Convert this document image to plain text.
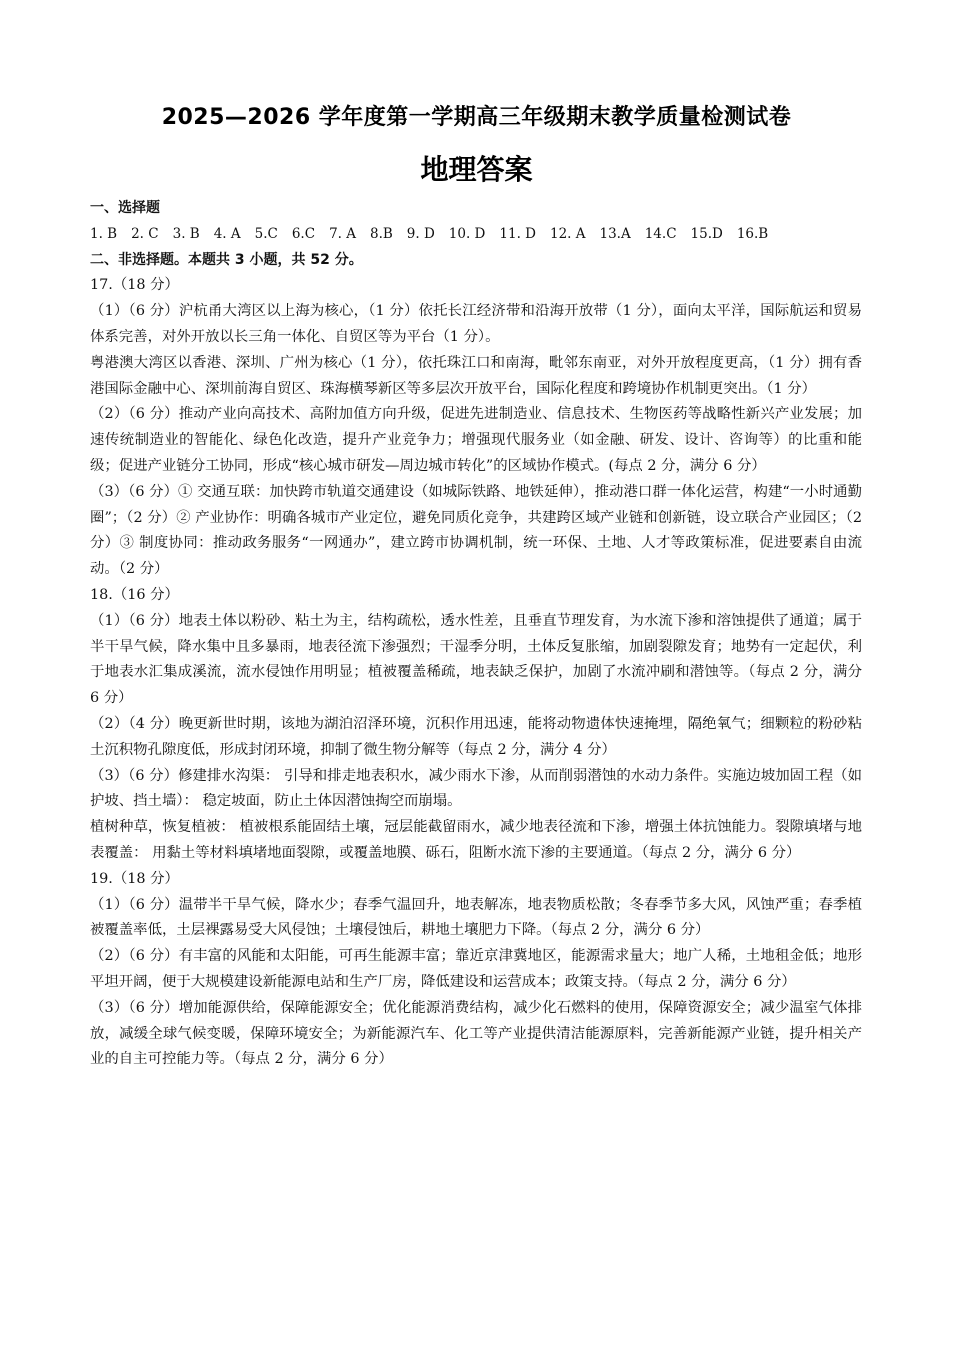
2025—2026 学年度第一学期高三年级期末教学质量检测试卷
地理答案

一、选择题

1. B 2. C 3. B 4. A 5.C 6.C 7. A 8.B 9. D 10. D 11. D 12. A 13.A 14.C 15.D 16.B

二、非选择题。本题共 3 小题，共 52 分。

17.（18 分）

（1）（6 分）沪杭甬大湾区以上海为核心，（1 分）依托长江经济带和沿海开放带（1 分），面向太平洋，国际航运和贸易体系完善，对外开放以长三角一体化、自贸区等为平台（1 分）。

粤港澳大湾区以香港、深圳、广州为核心（1 分），依托珠江口和南海，毗邻东南亚，对外开放程度更高，（1 分）拥有香港国际金融中心、深圳前海自贸区、珠海横琴新区等多层次开放平台，国际化程度和跨境协作机制更突出。（1 分）

（2）（6 分）推动产业向高技术、高附加值方向升级，促进先进制造业、信息技术、生物医药等战略性新兴产业发展；加速传统制造业的智能化、绿色化改造，提升产业竞争力；增强现代服务业（如金融、研发、设计、咨询等）的比重和能级；促进产业链分工协同，形成“核心城市研发—周边城市转化”的区域协作模式。(每点 2 分，满分 6 分）

（3）（6 分）① 交通互联：加快跨市轨道交通建设（如城际铁路、地铁延伸），推动港口群一体化运营，构建“一小时通勤圈”；（2 分）② 产业协作：明确各城市产业定位，避免同质化竞争，共建跨区域产业链和创新链，设立联合产业园区；（2 分）③ 制度协同：推动政务服务“一网通办”，建立跨市协调机制，统一环保、土地、人才等政策标准，促进要素自由流动。（2 分）

18.（16 分）

（1）（6 分）地表土体以粉砂、粘土为主，结构疏松，透水性差，且垂直节理发育，为水流下渗和溶蚀提供了通道；属于半干旱气候，降水集中且多暴雨，地表径流下渗强烈；干湿季分明，土体反复胀缩，加剧裂隙发育；地势有一定起伏，利于地表水汇集成溪流，流水侵蚀作用明显；植被覆盖稀疏，地表缺乏保护，加剧了水流冲刷和潜蚀等。（每点 2 分，满分 6 分）

（2）（4 分）晚更新世时期，该地为湖泊沼泽环境，沉积作用迅速，能将动物遗体快速掩埋，隔绝氧气；细颗粒的粉砂粘土沉积物孔隙度低，形成封闭环境，抑制了微生物分解等（每点 2 分，满分 4 分）

（3）（6 分）修建排水沟渠： 引导和排走地表积水，减少雨水下渗，从而削弱潜蚀的水动力条件。实施边坡加固工程（如护坡、挡土墙）： 稳定坡面，防止土体因潜蚀掏空而崩塌。

植树种草，恢复植被： 植被根系能固结土壤，冠层能截留雨水，减少地表径流和下渗，增强土体抗蚀能力。裂隙填堵与地表覆盖： 用黏土等材料填堵地面裂隙，或覆盖地膜、砾石，阻断水流下渗的主要通道。（每点 2 分，满分 6 分）

19.（18 分）

（1）（6 分）温带半干旱气候，降水少；春季气温回升，地表解冻，地表物质松散；冬春季节多大风，风蚀严重；春季植被覆盖率低，土层裸露易受大风侵蚀；土壤侵蚀后，耕地土壤肥力下降。（每点 2 分，满分 6 分）

（2）（6 分）有丰富的风能和太阳能，可再生能源丰富；靠近京津冀地区，能源需求量大；地广人稀，土地租金低；地形平坦开阔，便于大规模建设新能源电站和生产厂房，降低建设和运营成本；政策支持。（每点 2 分，满分 6 分）

（3）（6 分）增加能源供给，保障能源安全；优化能源消费结构，减少化石燃料的使用，保障资源安全；减少温室气体排放，减缓全球气候变暖，保障环境安全；为新能源汽车、化工等产业提供清洁能源原料，完善新能源产业链，提升相关产业的自主可控能力等。（每点 2 分，满分 6 分）
